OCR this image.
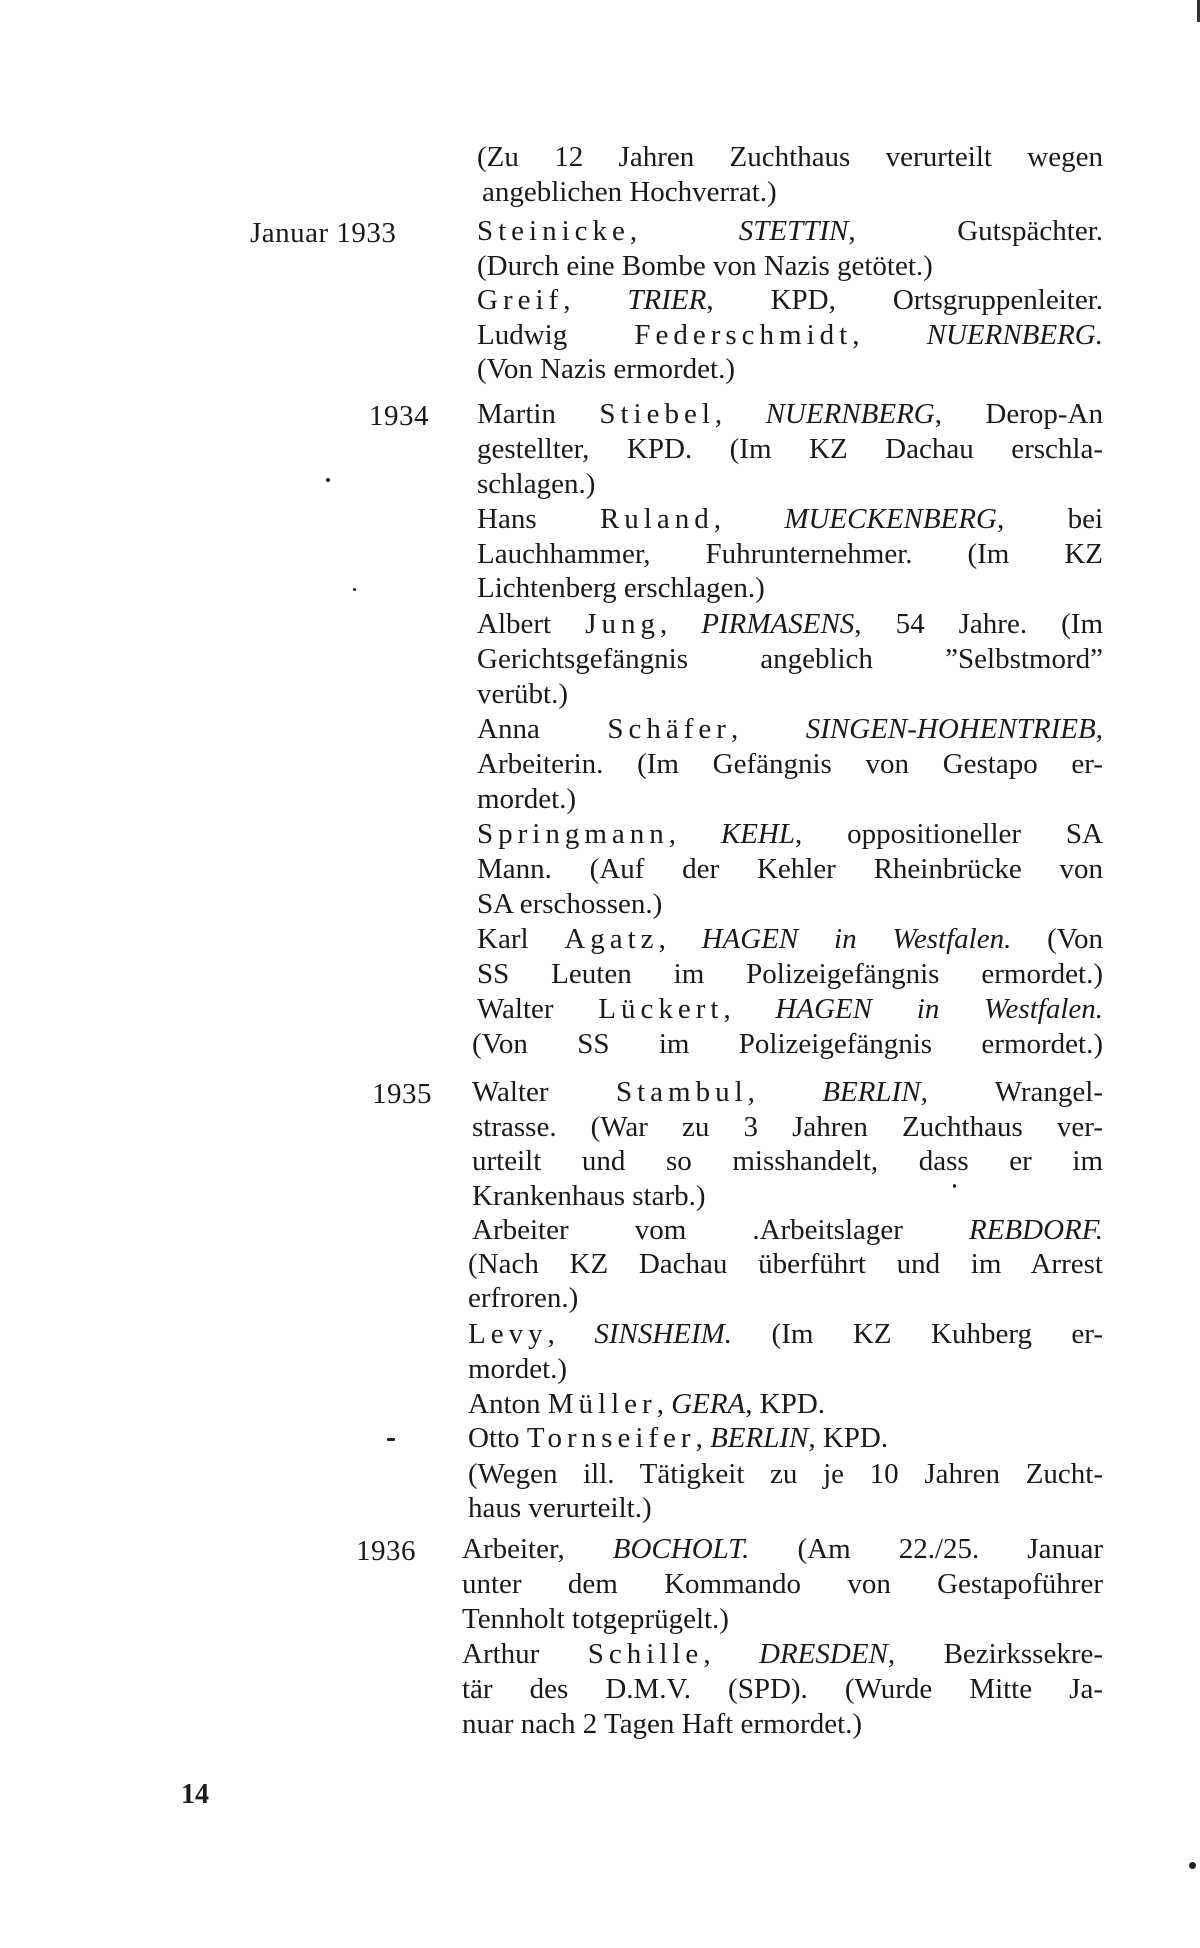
Januar 1933
1934
1935
1936
(Zu 12 Jahren Zuchthaus verurteilt wegen
angeblichen Hochverrat.)
Steinicke, STETTIN, Gutspächter.
(Durch eine Bombe von Nazis getötet.)
Greif, TRIER, KPD, Ortsgruppenleiter.
Ludwig Federschmidt, NUERNBERG.
(Von Nazis ermordet.)
Martin Stiebel, NUERNBERG, Derop-An
gestellter, KPD. (Im KZ Dachau erschla-
schlagen.)
Hans Ruland, MUECKENBERG, bei
Lauchhammer, Fuhrunternehmer. (Im KZ
Lichtenberg erschlagen.)
Albert Jung, PIRMASENS, 54 Jahre. (Im
Gerichtsgefängnis angeblich ”Selbstmord”
verübt.)
Anna Schäfer, SINGEN-HOHENTRIEB,
Arbeiterin. (Im Gefängnis von Gestapo er-
mordet.)
Springmann, KEHL, oppositioneller SA
Mann. (Auf der Kehler Rheinbrücke von
SA erschossen.)
Karl Agatz, HAGEN in Westfalen. (Von
SS Leuten im Polizeigefängnis ermordet.)
Walter Lückert, HAGEN in Westfalen.
(Von SS im Polizeigefängnis ermordet.)
Walter Stambul, BERLIN, Wrangel-
strasse. (War zu 3 Jahren Zuchthaus ver-
urteilt und so misshandelt, dass er im
Krankenhaus starb.)
Arbeiter vom .Arbeitslager REBDORF.
(Nach KZ Dachau überführt und im Arrest
erfroren.)
Levy, SINSHEIM. (Im KZ Kuhberg er-
mordet.)
Anton Müller, GERA, KPD.
Otto Tornseifer, BERLIN, KPD.
(Wegen ill. Tätigkeit zu je 10 Jahren Zucht-
haus verurteilt.)
Arbeiter, BOCHOLT. (Am 22./25. Januar
unter dem Kommando von Gestapoführer
Tennholt totgeprügelt.)
Arthur Schille, DRESDEN, Bezirkssekre-
tär des D.M.V. (SPD). (Wurde Mitte Ja-
nuar nach 2 Tagen Haft ermordet.)
14
